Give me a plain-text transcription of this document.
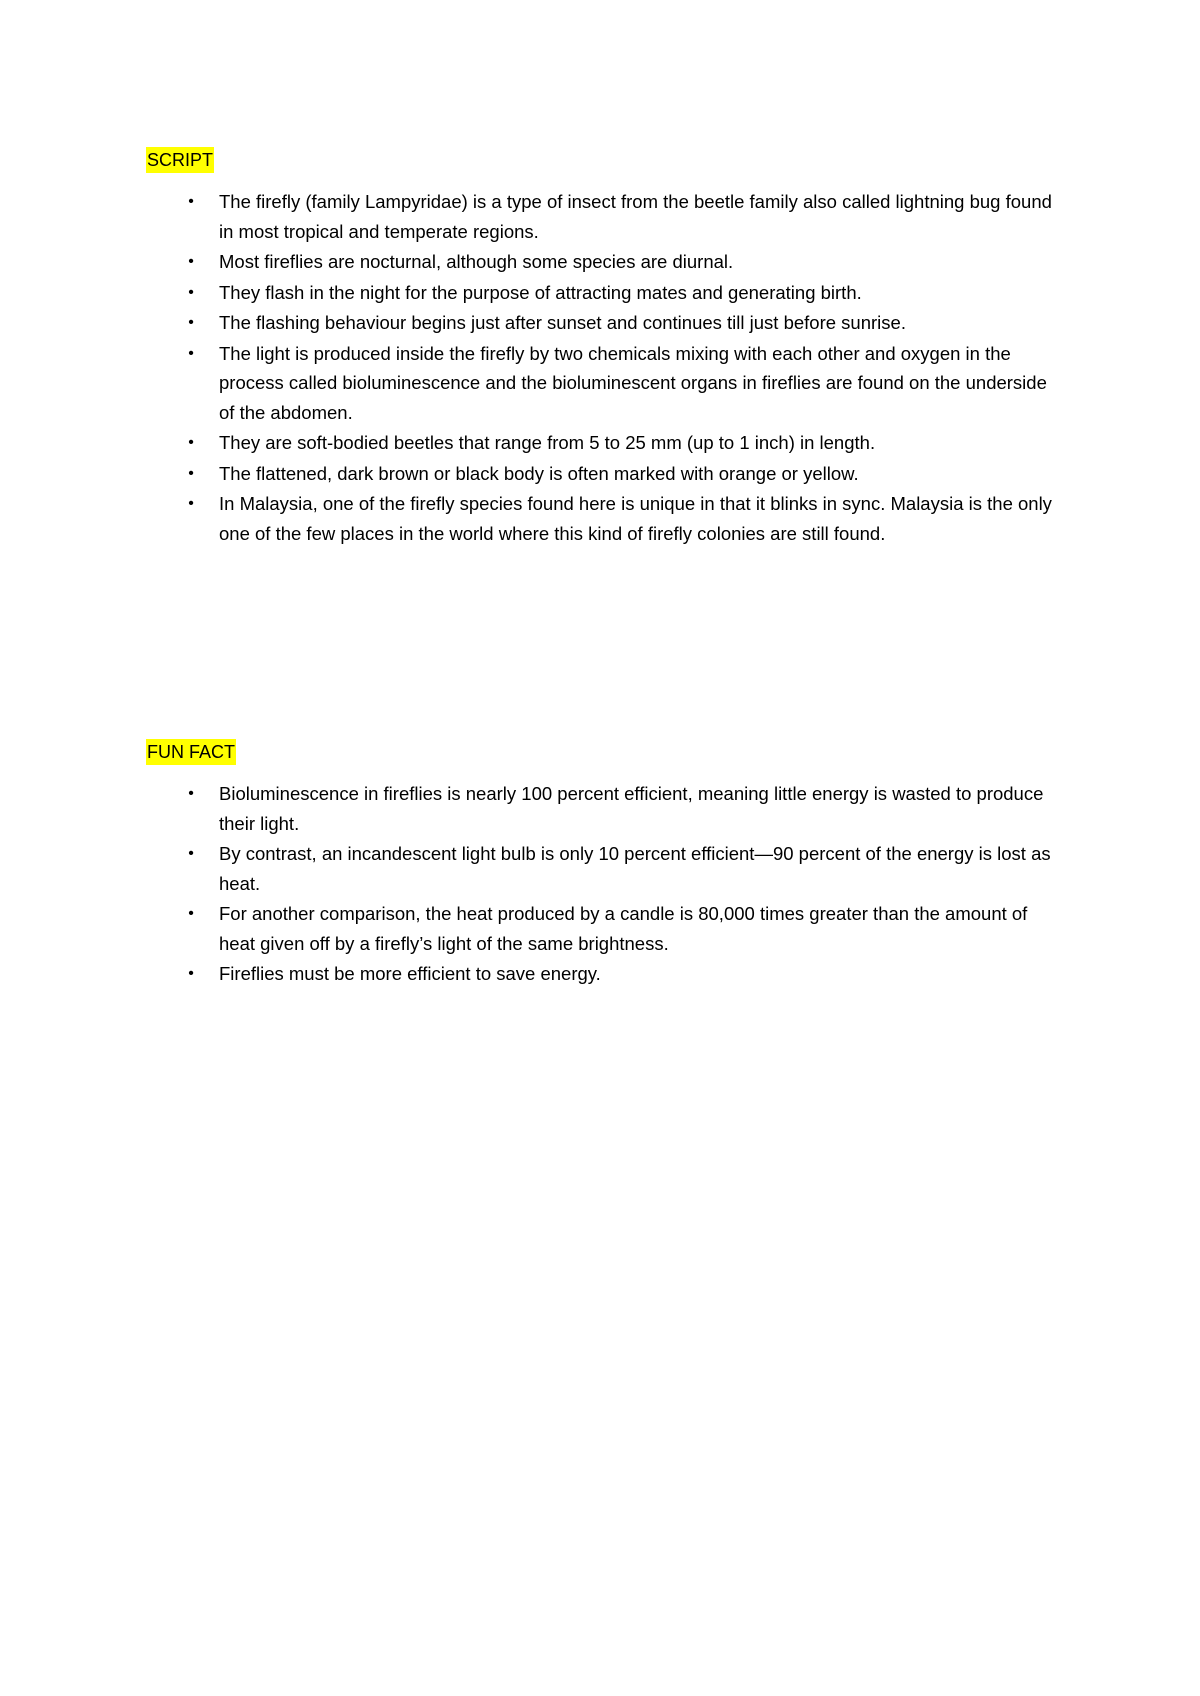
SCRIPT
•	The firefly (family Lampyridae) is a type of insect from the beetle family also called lightning bug found in most tropical and temperate regions.
•	Most fireflies are nocturnal, although some species are diurnal.
•	They flash in the night for the purpose of attracting mates and generating birth.
•	The flashing behaviour begins just after sunset and continues till just before sunrise.
•	The light is produced inside the firefly by two chemicals mixing with each other and oxygen in the process called bioluminescence and the bioluminescent organs in fireflies are found on the underside of the abdomen.
•	They are soft-bodied beetles that range from 5 to 25 mm (up to 1 inch) in length.
•	The flattened, dark brown or black body is often marked with orange or yellow.
•	In Malaysia, one of the firefly species found here is unique in that it blinks in sync. Malaysia is the only one of the few places in the world where this kind of firefly colonies are still found.
FUN FACT
•	Bioluminescence in fireflies is nearly 100 percent efficient, meaning little energy is wasted to produce their light.
•	By contrast, an incandescent light bulb is only 10 percent efficient—90 percent of the energy is lost as heat.
•	For another comparison, the heat produced by a candle is 80,000 times greater than the amount of heat given off by a firefly’s light of the same brightness.
•	Fireflies must be more efficient to save energy.
